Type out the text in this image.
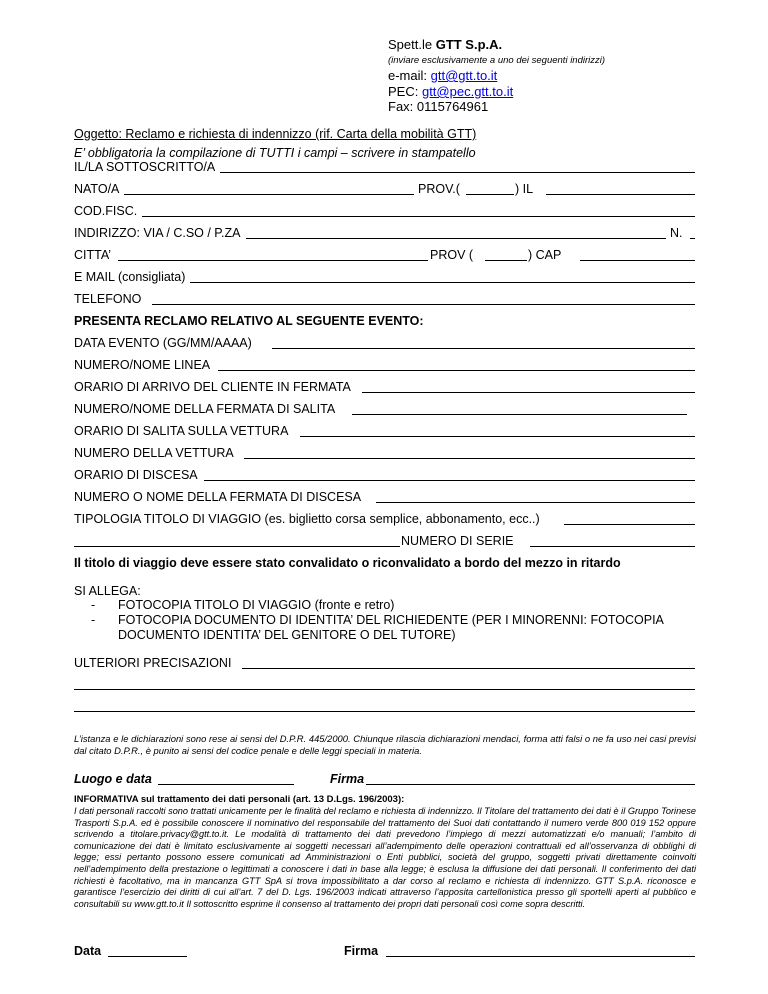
Spett.le GTT S.p.A.
(inviare esclusivamente a uno dei seguenti indirizzi)
e-mail: gtt@gtt.to.it
PEC: gtt@pec.gtt.to.it
Fax: 0115764961
Oggetto: Reclamo e richiesta di indennizzo (rif. Carta della mobilità GTT)
E’ obbligatoria la compilazione di TUTTI i campi – scrivere in stampatello
IL/LA SOTTOSCRITTO/A
NATO/A	PROV.(	) IL
COD.FISC.
INDIRIZZO: VIA / C.SO / P.ZA	N.
CITTA’	PROV (	) CAP
E MAIL (consigliata)
TELEFONO
PRESENTA RECLAMO RELATIVO AL SEGUENTE EVENTO:
DATA EVENTO (GG/MM/AAAA)
NUMERO/NOME LINEA
ORARIO DI ARRIVO DEL CLIENTE IN FERMATA
NUMERO/NOME DELLA FERMATA DI SALITA
ORARIO DI SALITA SULLA VETTURA
NUMERO DELLA VETTURA
ORARIO DI DISCESA
NUMERO O NOME DELLA FERMATA DI DISCESA
TIPOLOGIA TITOLO DI VIAGGIO (es. biglietto corsa semplice, abbonamento, ecc..)
NUMERO DI SERIE
Il titolo di viaggio deve essere stato convalidato o riconvalidato a bordo del mezzo in ritardo
SI ALLEGA:
- FOTOCOPIA TITOLO DI VIAGGIO (fronte e retro)
- FOTOCOPIA DOCUMENTO DI IDENTITA’ DEL RICHIEDENTE (PER I MINORENNI: FOTOCOPIA
DOCUMENTO IDENTITA’ DEL GENITORE O DEL TUTORE)
ULTERIORI PRECISAZIONI
L’istanza e le dichiarazioni sono rese ai sensi del D.P.R. 445/2000. Chiunque rilascia dichiarazioni mendaci, forma atti falsi o ne fa uso nei casi previsi dal citato D.P.R., è punito ai sensi del codice penale e delle leggi speciali in materia.
Luogo e data	Firma
INFORMATIVA sul trattamento dei dati personali (art. 13 D.Lgs. 196/2003):
I dati personali raccolti sono trattati unicamente per le finalità del reclamo e richiesta di indennizzo. Il Titolare del trattamento dei dati è il Gruppo Torinese Trasporti S.p.A. ed è possibile conoscere il nominativo del responsabile del trattamento dei Suoi dati contattando il numero verde 800 019 152 oppure scrivendo a titolare.privacy@gtt.to.it. Le modalità di trattamento dei dati prevedono l’impiego di mezzi automatizzati e/o manuali; l’ambito di comunicazione dei dati è limitato esclusivamente ai soggetti necessari all’adempimento delle operazioni contrattuali ed all’osservanza di obblighi di legge; essi pertanto possono essere comunicati ad Amministrazioni o Enti pubblici, società del gruppo, soggetti privati direttamente coinvolti nell’adempimento della prestazione o legittimati a conoscere i dati in base alla legge; è esclusa la diffusione dei dati personali. Il conferimento dei dati richiesti è facoltativo, ma in mancanza GTT SpA si trova impossibilitato a dar corso al reclamo e richiesta di indennizzo. GTT S.p.A. riconosce e garantisce l’esercizio dei diritti di cui all’art. 7 del D. Lgs. 196/2003 indicati attraverso l’apposita cartellonistica presso gli sportelli aperti al pubblico e consultabili su www.gtt.to.it Il sottoscritto esprime il consenso al trattamento dei propri dati personali così come sopra descritti.
Data	Firma
